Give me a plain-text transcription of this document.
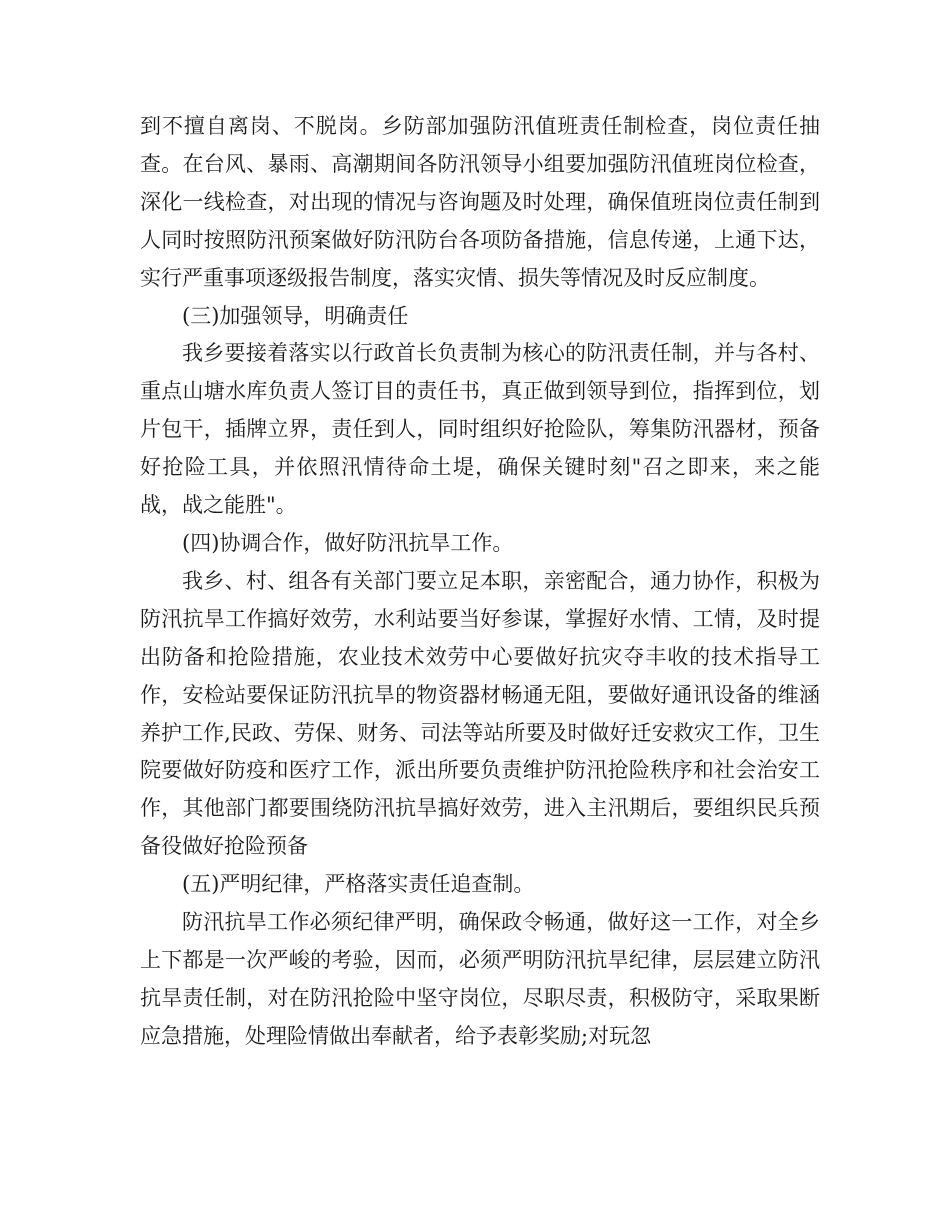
到不擅自离岗、不脱岗。乡防部加强防汛值班责任制检查，岗位责任抽查。在台风、暴雨、高潮期间各防汛领导小组要加强防汛值班岗位检查，深化一线检查，对出现的情况与咨询题及时处理，确保值班岗位责任制到人同时按照防汛预案做好防汛防台各项防备措施，信息传递，上通下达，实行严重事项逐级报告制度，落实灾情、损失等情况及时反应制度。

(三)加强领导，明确责任

我乡要接着落实以行政首长负责制为核心的防汛责任制，并与各村、重点山塘水库负责人签订目的责任书，真正做到领导到位，指挥到位，划片包干，插牌立界，责任到人，同时组织好抢险队，筹集防汛器材，预备好抢险工具，并依照汛情待命土堤，确保关键时刻"召之即来，来之能战，战之能胜"。

(四)协调合作，做好防汛抗旱工作。

我乡、村、组各有关部门要立足本职，亲密配合，通力协作，积极为防汛抗旱工作搞好效劳，水利站要当好参谋，掌握好水情、工情，及时提出防备和抢险措施，农业技术效劳中心要做好抗灾夺丰收的技术指导工作，安检站要保证防汛抗旱的物资器材畅通无阻，要做好通讯设备的维涵养护工作,民政、劳保、财务、司法等站所要及时做好迁安救灾工作，卫生院要做好防疫和医疗工作，派出所要负责维护防汛抢险秩序和社会治安工作，其他部门都要围绕防汛抗旱搞好效劳，进入主汛期后，要组织民兵预备役做好抢险预备

(五)严明纪律，严格落实责任追查制。

防汛抗旱工作必须纪律严明，确保政令畅通，做好这一工作，对全乡上下都是一次严峻的考验，因而，必须严明防汛抗旱纪律，层层建立防汛抗旱责任制，对在防汛抢险中坚守岗位，尽职尽责，积极防守，采取果断应急措施，处理险情做出奉献者，给予表彰奖励;对玩忽
